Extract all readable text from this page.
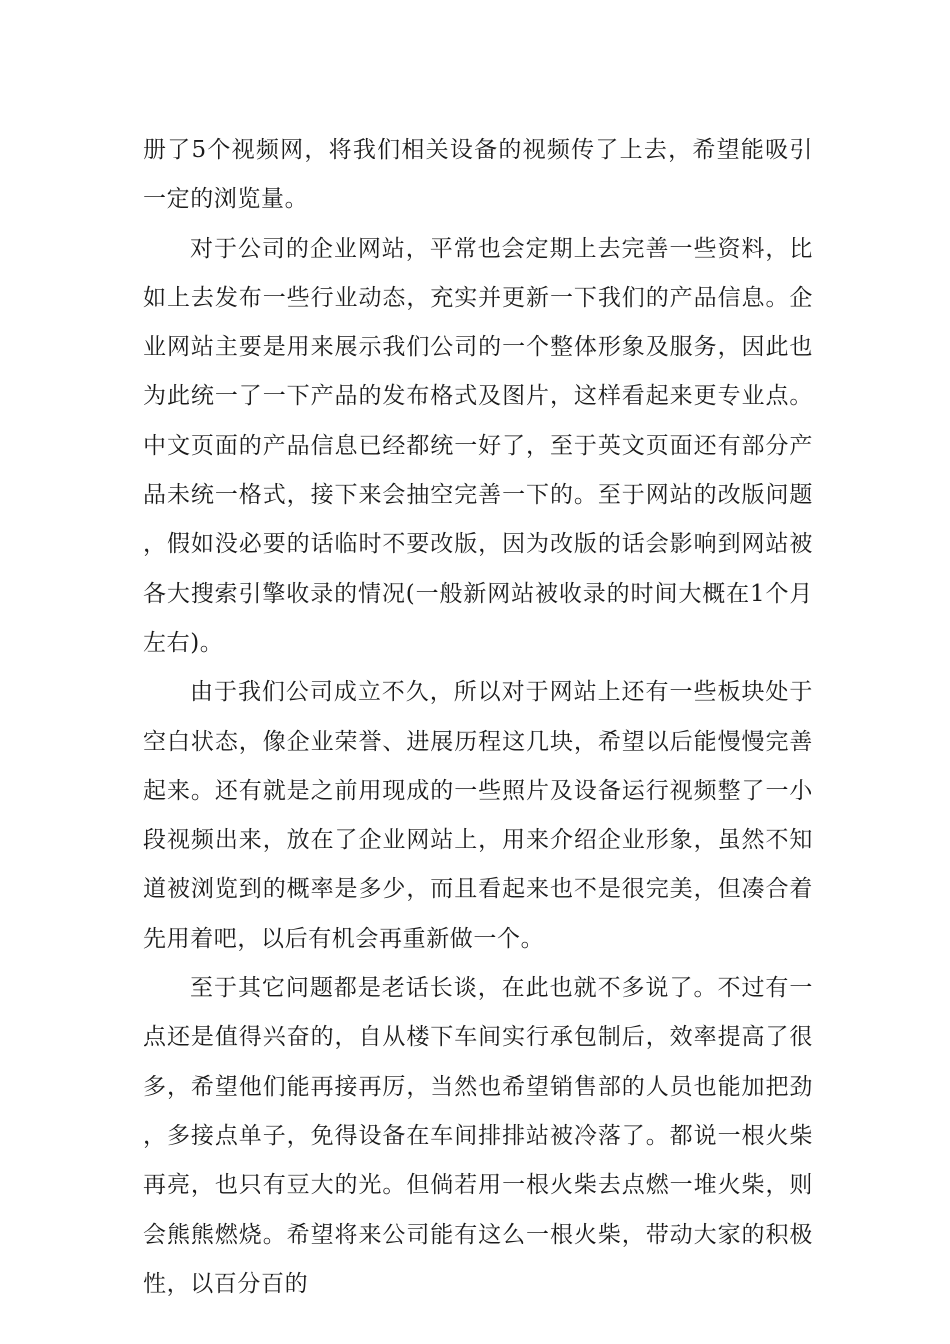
册了5个视频网，将我们相关设备的视频传了上去，希望能吸引一定的浏览量。

对于公司的企业网站，平常也会定期上去完善一些资料，比如上去发布一些行业动态，充实并更新一下我们的产品信息。企业网站主要是用来展示我们公司的一个整体形象及服务，因此也为此统一了一下产品的发布格式及图片，这样看起来更专业点。中文页面的产品信息已经都统一好了，至于英文页面还有部分产品未统一格式，接下来会抽空完善一下的。至于网站的改版问题，假如没必要的话临时不要改版，因为改版的话会影响到网站被各大搜索引擎收录的情况(一般新网站被收录的时间大概在1个月左右)。

由于我们公司成立不久，所以对于网站上还有一些板块处于空白状态，像企业荣誉、进展历程这几块，希望以后能慢慢完善起来。还有就是之前用现成的一些照片及设备运行视频整了一小段视频出来，放在了企业网站上，用来介绍企业形象，虽然不知道被浏览到的概率是多少，而且看起来也不是很完美，但凑合着先用着吧，以后有机会再重新做一个。

至于其它问题都是老话长谈，在此也就不多说了。不过有一点还是值得兴奋的，自从楼下车间实行承包制后，效率提高了很多，希望他们能再接再厉，当然也希望销售部的人员也能加把劲，多接点单子，免得设备在车间排排站被冷落了。都说一根火柴再亮，也只有豆大的光。但倘若用一根火柴去点燃一堆火柴，则会熊熊燃烧。希望将来公司能有这么一根火柴，带动大家的积极性，以百分百的
